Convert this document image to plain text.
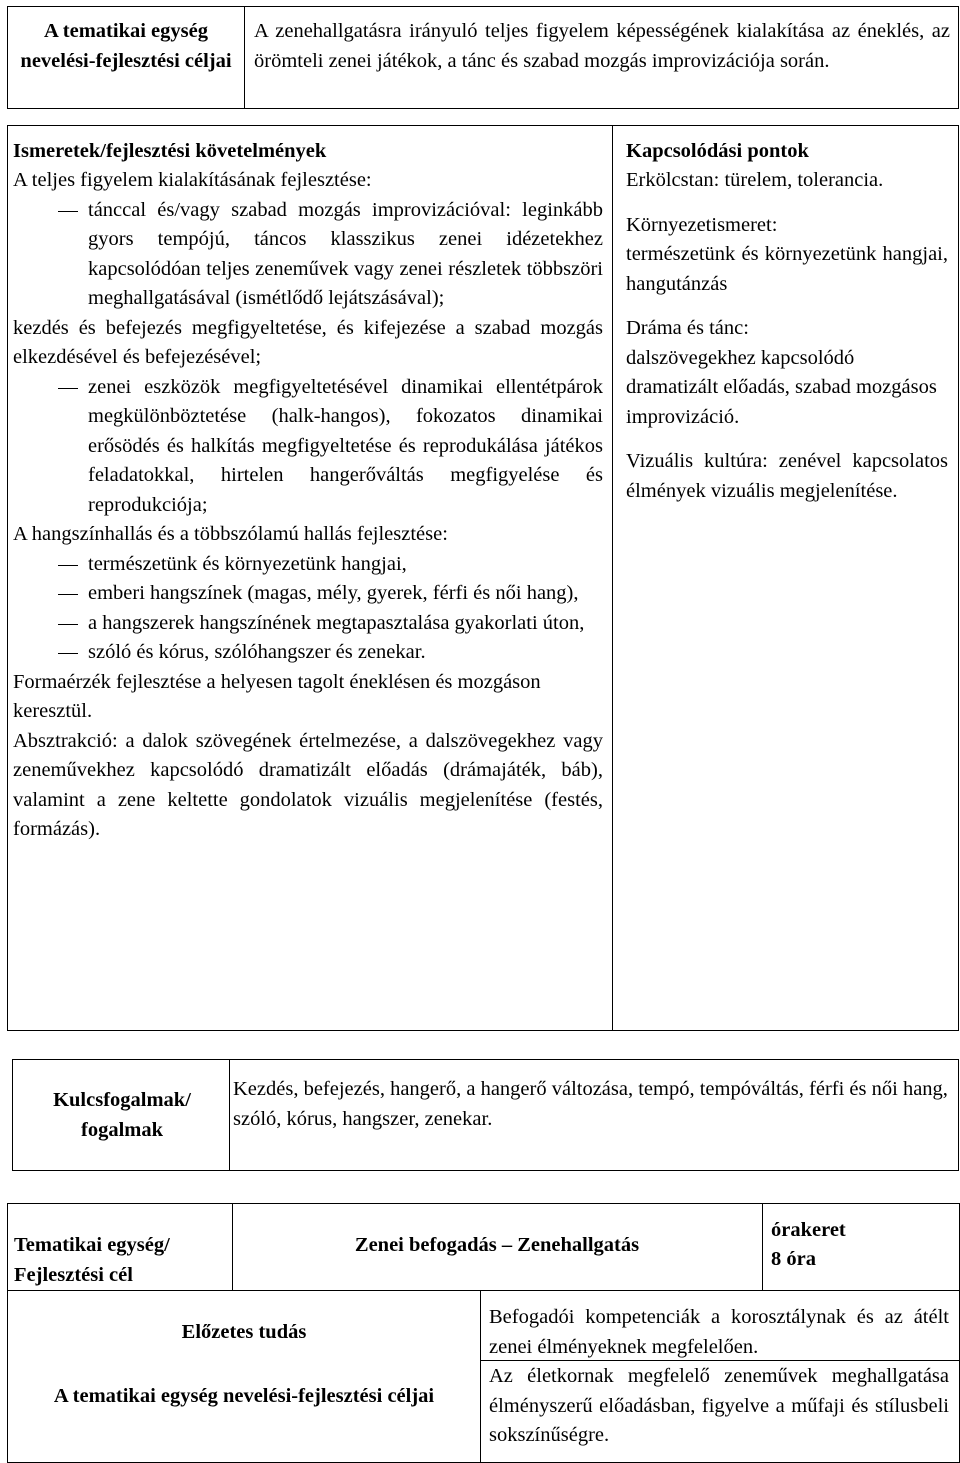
A tematikai egység nevelési-fejlesztési céljai
A zenehallgatásra irányuló teljes figyelem képességének kialakítása az éneklés, az örömteli zenei játékok, a tánc és szabad mozgás improvizációja során.
Ismeretek/fejlesztési követelmények
A teljes figyelem kialakításának fejlesztése:
tánccal és/vagy szabad mozgás improvizációval: leginkább gyors tempójú, táncos klasszikus zenei idézetekhez kapcsolódóan teljes zeneművek vagy zenei részletek többszöri meghallgatásával (ismétlődő lejátszásával);
kezdés és befejezés megfigyeltetése, és kifejezése a szabad mozgás elkezdésével és befejezésével;
zenei eszközök megfigyeltetésével dinamikai ellentétpárok megkülönböztetése (halk-hangos), fokozatos dinamikai erősödés és halkítás megfigyeltetése és reprodukálása játékos feladatokkal, hirtelen hangerőváltás megfigyelése és reprodukciója;
A hangszínhallás és a többszólamú hallás fejlesztése:
természetünk és környezetünk hangjai,
emberi hangszínek (magas, mély, gyerek, férfi és női hang),
a hangszerek hangszínének megtapasztalása gyakorlati úton,
szóló és kórus, szólóhangszer és zenekar.
Formaérzék fejlesztése a helyesen tagolt éneklésen és mozgáson keresztül.
Absztrakció: a dalok szövegének értelmezése, a dalszövegekhez vagy zeneművekhez kapcsolódó dramatizált előadás (drámajáték, báb), valamint a zene keltette gondolatok vizuális megjelenítése (festés, formázás).
Kapcsolódási pontok
Erkölcstan: türelem, tolerancia.
Környezetismeret:
természetünk és környezetünk hangjai, hangutánzás
Dráma és tánc:
dalszövegekhez kapcsolódó dramatizált előadás, szabad mozgásos improvizáció.
Vizuális kultúra: zenével kapcsolatos élmények vizuális megjelenítése.
Kulcsfogalmak/ fogalmak
Kezdés, befejezés, hangerő, a hangerő változása, tempó, tempóváltás, férfi és női hang, szóló, kórus, hangszer, zenekar.
Tematikai egység/ Fejlesztési cél
Zenei befogadás – Zenehallgatás
órakeret
8 óra
Előzetes tudás
A tematikai egység nevelési-fejlesztési céljai
Befogadói kompetenciák a korosztálynak és az átélt zenei élményeknek megfelelően.
Az életkornak megfelelő zeneművek meghallgatása élményszerű előadásban, figyelve a műfaji és stílusbeli sokszínűségre.
